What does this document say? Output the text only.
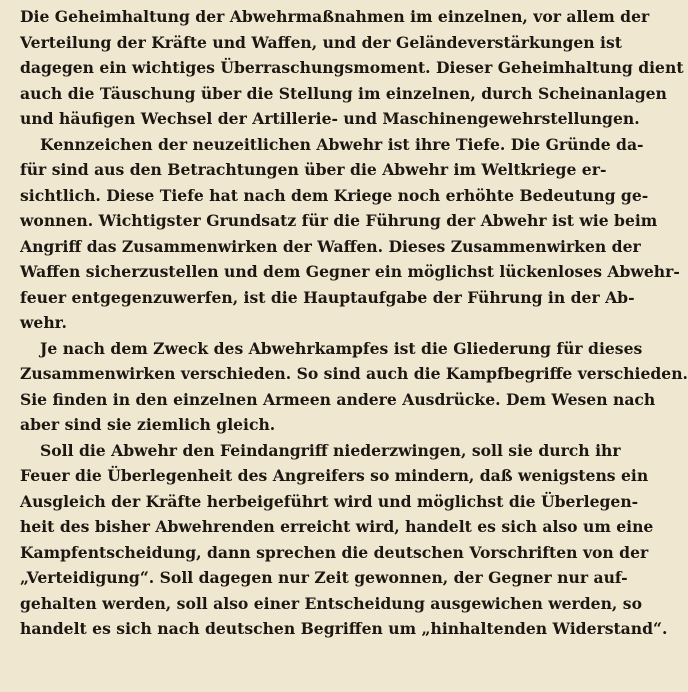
Die Geheimhaltung der Abwehrmaßnahmen im einzelnen, vor allem der
Verteilung der Kräfte und Waffen, und der Geländeverstärkungen ist
dagegen ein wichtiges Überraschungsmoment. Dieser Geheimhaltung dient
auch die Täuschung über die Stellung im einzelnen, durch Scheinanlagen
und häufigen Wechsel der Artillerie- und Maschinengewehrstellungen.
Kennzeichen der neuzeitlichen Abwehr ist ihre Tiefe. Die Gründe da-
für sind aus den Betrachtungen über die Abwehr im Weltkriege er-
sichtlich. Diese Tiefe hat nach dem Kriege noch erhöhte Bedeutung ge-
wonnen. Wichtigster Grundsatz für die Führung der Abwehr ist wie beim
Angriff das Zusammenwirken der Waffen. Dieses Zusammenwirken der
Waffen sicherzustellen und dem Gegner ein möglichst lückenloses Abwehr-
feuer entgegenzuwerfen, ist die Hauptaufgabe der Führung in der Ab-
wehr.
Je nach dem Zweck des Abwehrkampfes ist die Gliederung für dieses
Zusammenwirken verschieden. So sind auch die Kampfbegriffe verschieden.
Sie finden in den einzelnen Armeen andere Ausdrücke. Dem Wesen nach
aber sind sie ziemlich gleich.
Soll die Abwehr den Feindangriff niederzwingen, soll sie durch ihr
Feuer die Überlegenheit des Angreifers so mindern, daß wenigstens ein
Ausgleich der Kräfte herbeigeführt wird und möglichst die Überlegen-
heit des bisher Abwehrenden erreicht wird, handelt es sich also um eine
Kampfentscheidung, dann sprechen die deutschen Vorschriften von der
„Verteidigung“. Soll dagegen nur Zeit gewonnen, der Gegner nur auf-
gehalten werden, soll also einer Entscheidung ausgewichen werden, so
handelt es sich nach deutschen Begriffen um „hinhaltenden Widerstand“.
